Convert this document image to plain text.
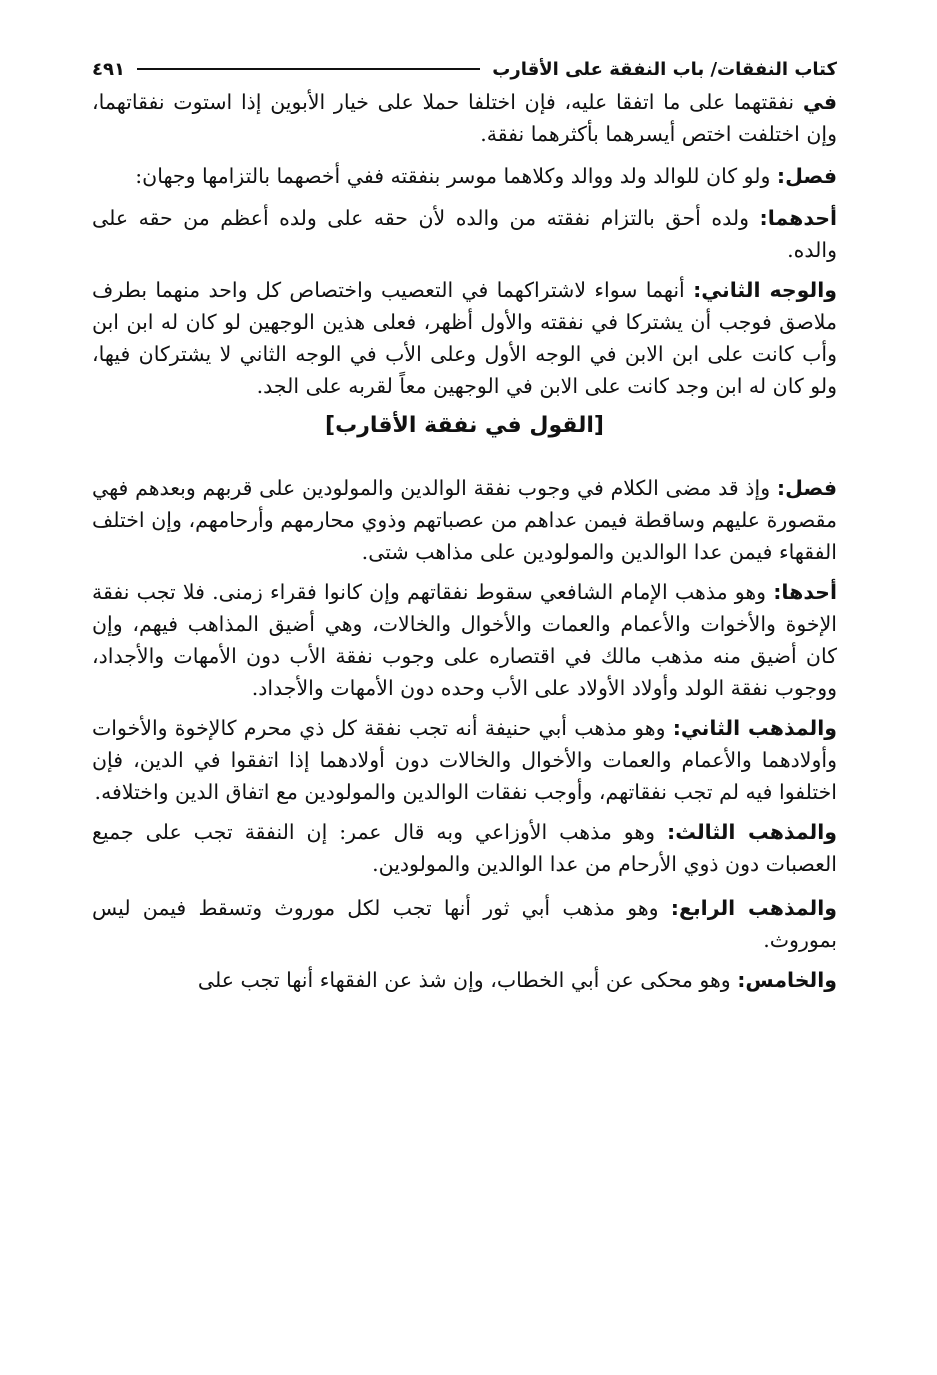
كتاب النفقات/ باب النفقة على الأقارب
٤٩١

في نفقتهما على ما اتفقا عليه، فإن اختلفا حملا على خيار الأبوين إذا استوت نفقاتهما، وإن اختلفت اختص أيسرهما بأكثرهما نفقة.

فصل: ولو كان للوالد ولد ووالد وكلاهما موسر بنفقته ففي أخصهما بالتزامها وجهان:

أحدهما: ولده أحق بالتزام نفقته من والده لأن حقه على ولده أعظم من حقه على والده.

والوجه الثاني: أنهما سواء لاشتراكهما في التعصيب واختصاص كل واحد منهما بطرف ملاصق فوجب أن يشتركا في نفقته والأول أظهر، فعلى هذين الوجهين لو كان له ابن ابن وأب كانت على ابن الابن في الوجه الأول وعلى الأب في الوجه الثاني لا يشتركان فيها، ولو كان له ابن وجد كانت على الابن في الوجهين معاً لقربه على الجد.

[القول في نفقة الأقارب]

فصل: وإذ قد مضى الكلام في وجوب نفقة الوالدين والمولودين على قربهم وبعدهم فهي مقصورة عليهم وساقطة فيمن عداهم من عصباتهم وذوي محارمهم وأرحامهم، وإن اختلف الفقهاء فيمن عدا الوالدين والمولودين على مذاهب شتى.

أحدها: وهو مذهب الإمام الشافعي سقوط نفقاتهم وإن كانوا فقراء زمنى. فلا تجب نفقة الإخوة والأخوات والأعمام والعمات والأخوال والخالات، وهي أضيق المذاهب فيهم، وإن كان أضيق منه مذهب مالك في اقتصاره على وجوب نفقة الأب دون الأمهات والأجداد، ووجوب نفقة الولد وأولاد الأولاد على الأب وحده دون الأمهات والأجداد.

والمذهب الثاني: وهو مذهب أبي حنيفة أنه تجب نفقة كل ذي محرم كالإخوة والأخوات وأولادهما والأعمام والعمات والأخوال والخالات دون أولادهما إذا اتفقوا في الدين، فإن اختلفوا فيه لم تجب نفقاتهم، وأوجب نفقات الوالدين والمولودين مع اتفاق الدين واختلافه.

والمذهب الثالث: وهو مذهب الأوزاعي وبه قال عمر: إن النفقة تجب على جميع العصبات دون ذوي الأرحام من عدا الوالدين والمولودين.

والمذهب الرابع: وهو مذهب أبي ثور أنها تجب لكل موروث وتسقط فيمن ليس بموروث.

والخامس: وهو محكى عن أبي الخطاب، وإن شذ عن الفقهاء أنها تجب على
